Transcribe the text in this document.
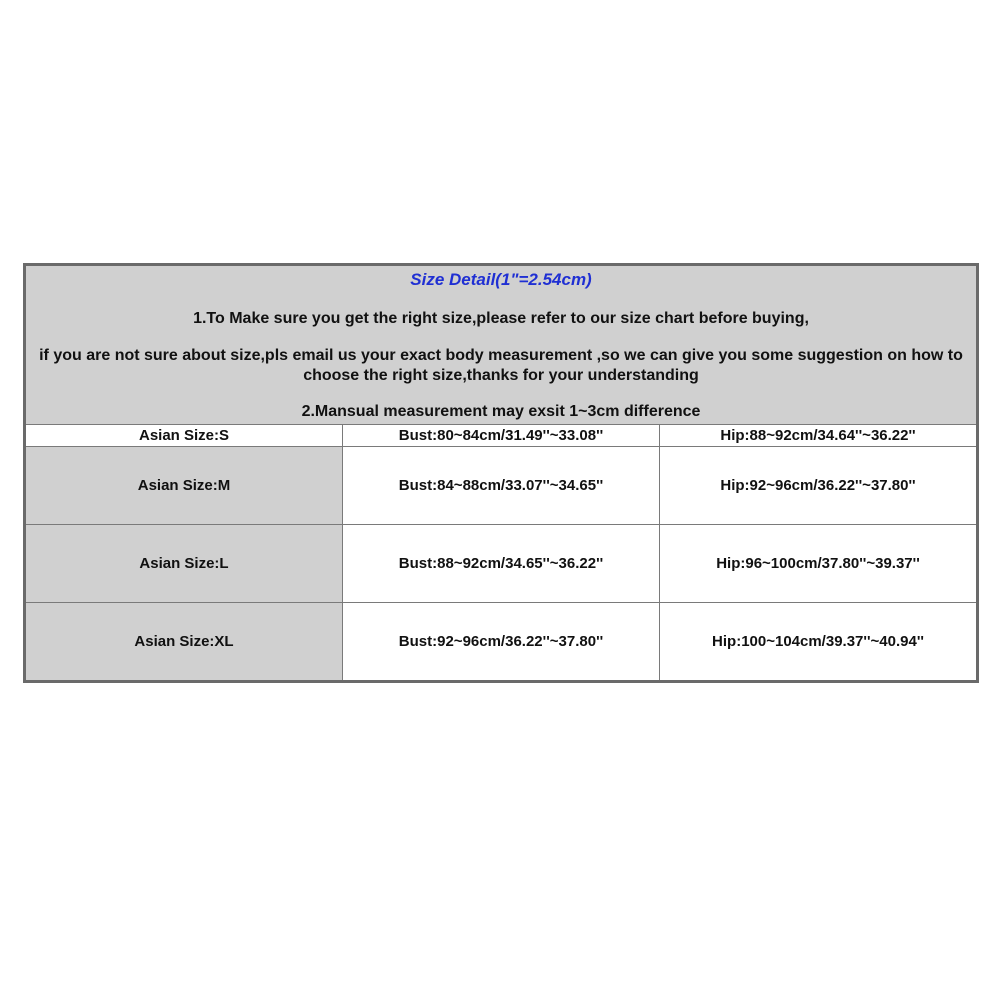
Size Detail(1"=2.54cm)
1.To Make sure you get the right size,please refer to our size chart before buying,
if you are not sure about size,pls email us your exact body measurement ,so we can give you some suggestion on how to choose the right size,thanks for your understanding
2.Mansual measurement may exsit 1~3cm difference
Asian Size:S	Bust:80~84cm/31.49''~33.08''	Hip:88~92cm/34.64''~36.22''
Asian Size:M	Bust:84~88cm/33.07''~34.65''	Hip:92~96cm/36.22''~37.80''
Asian Size:L	Bust:88~92cm/34.65''~36.22''	Hip:96~100cm/37.80''~39.37''
Asian Size:XL	Bust:92~96cm/36.22''~37.80''	Hip:100~104cm/39.37''~40.94''
